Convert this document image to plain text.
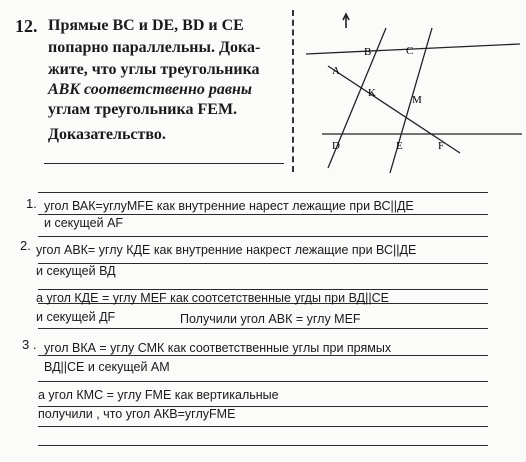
12. Прямые BC и DE, BD и CE
попарно параллельны. Дока-
жите, что углы треугольника
ABK соответственно равны
углам треугольника FEM.
Доказательство.
B	C
A
K
M
D	E	F
1. угол ВАК=углуМFЕ как внутренние нарест лежащие при ВС||ДЕ
и секущей АF
2. угол АВК= углу КДЕ как внутренние накрест лежащие при ВС||ДЕ
и секущей ВД
а угол КДЕ = углу МЕF как соотсетственные угды при ВД||СЕ
и секущей ДF	Получили угол АВК = углу МЕF
3 . угол ВКА = углу СМК как соответственные углы при прямых
ВД||СЕ и секущей АМ
а угол КМС = углу FМЕ как вертикальные
получили , что угол АКВ=углуFМЕ
